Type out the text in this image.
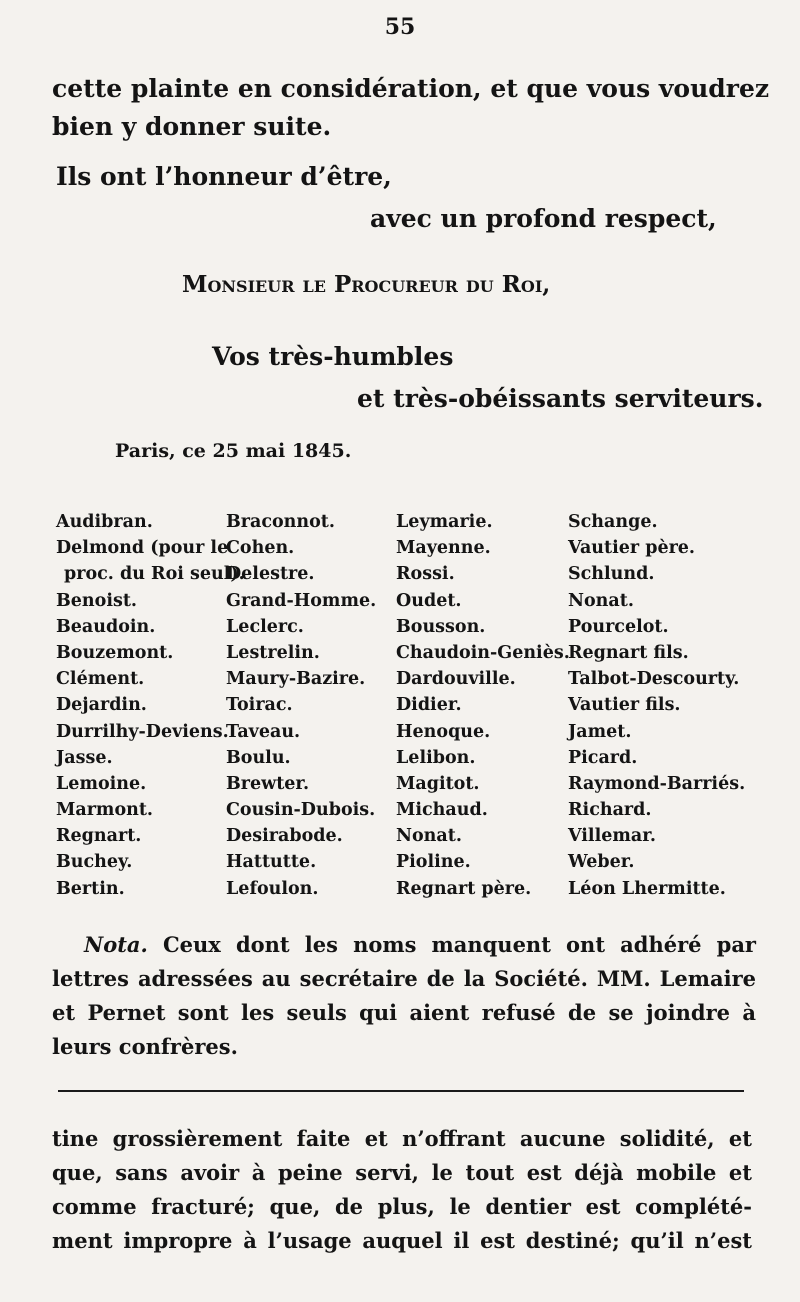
55
cette plainte en considération, et que vous voudrez
bien y donner suite.
Ils ont l’honneur d’être,
avec un profond respect,
Monsieur le Procureur du Roi,
Vos très-humbles
et très-obéissants serviteurs.
Paris, ce 25 mai 1845.
Audibran.
Delmond (pour le
proc. du Roi seul).
Benoist.
Beaudoin.
Bouzemont.
Clément.
Dejardin.
Durrilhy-Deviens.
Jasse.
Lemoine.
Marmont.
Regnart.
Buchey.
Bertin.
Braconnot.
Cohen.
Delestre.
Grand-Homme.
Leclerc.
Lestrelin.
Maury-Bazire.
Toirac.
Taveau.
Boulu.
Brewter.
Cousin-Dubois.
Desirabode.
Hattutte.
Lefoulon.
Leymarie.
Mayenne.
Rossi.
Oudet.
Bousson.
Chaudoin-Geniès.
Dardouville.
Didier.
Henoque.
Lelibon.
Magitot.
Michaud.
Nonat.
Pioline.
Regnart père.
Schange.
Vautier père.
Schlund.
Nonat.
Pourcelot.
Regnart fils.
Talbot-Descourty.
Vautier fils.
Jamet.
Picard.
Raymond-Barriés.
Richard.
Villemar.
Weber.
Léon Lhermitte.
Nota. Ceux dont les noms manquent ont adhéré par lettres adressées au secrétaire de la Société. MM. Lemaire et Pernet sont les seuls qui aient refusé de se joindre à leurs confrères.
tine grossièrement faite et n’offrant aucune solidité, et
que, sans avoir à peine servi, le tout est déjà mobile et
comme fracturé; que, de plus, le dentier est complété-
ment impropre à l’usage auquel il est destiné; qu’il n’est
